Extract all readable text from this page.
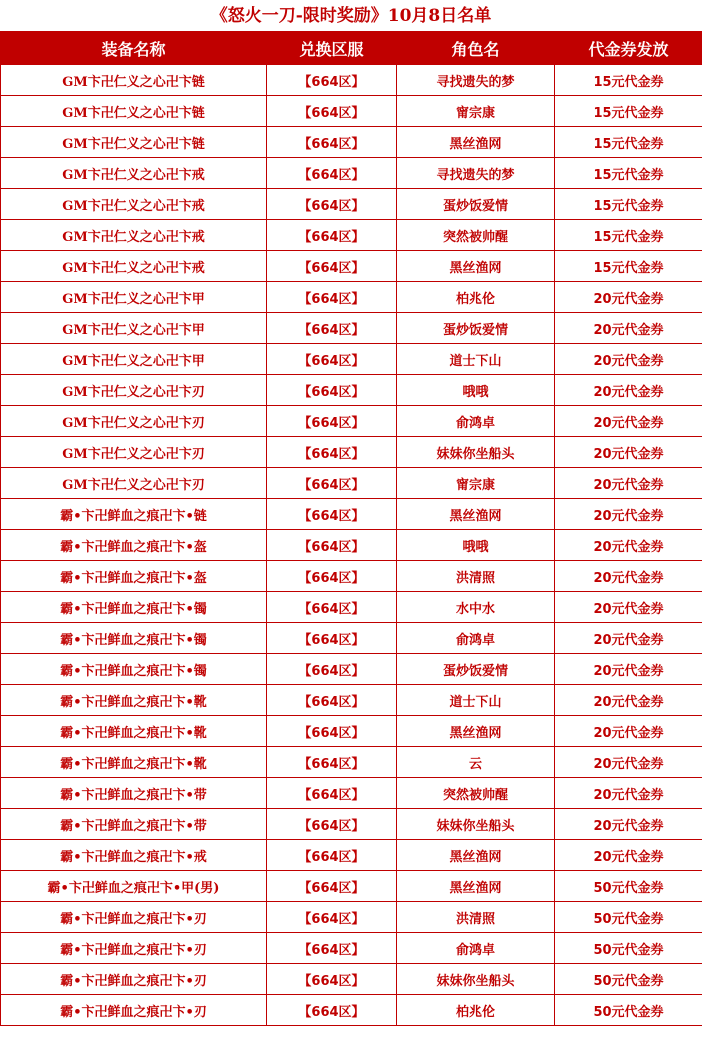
《怒火一刀-限时奖励》10月8日名单
装备名称	兑换区服	角色名	代金券发放
GM卞卍仁义之心卍卞链	【664区】	寻找遗失的梦	15元代金券
GM卞卍仁义之心卍卞链	【664区】	甯宗康	15元代金券
GM卞卍仁义之心卍卞链	【664区】	黑丝渔网	15元代金券
GM卞卍仁义之心卍卞戒	【664区】	寻找遗失的梦	15元代金券
GM卞卍仁义之心卍卞戒	【664区】	蛋炒饭爱情	15元代金券
GM卞卍仁义之心卍卞戒	【664区】	突然被帅醒	15元代金券
GM卞卍仁义之心卍卞戒	【664区】	黑丝渔网	15元代金券
GM卞卍仁义之心卍卞甲	【664区】	柏兆伦	20元代金券
GM卞卍仁义之心卍卞甲	【664区】	蛋炒饭爱情	20元代金券
GM卞卍仁义之心卍卞甲	【664区】	道士下山	20元代金券
GM卞卍仁义之心卍卞刃	【664区】	哦哦	20元代金券
GM卞卍仁义之心卍卞刃	【664区】	俞鸿卓	20元代金券
GM卞卍仁义之心卍卞刃	【664区】	妹妹你坐船头	20元代金券
GM卞卍仁义之心卍卞刃	【664区】	甯宗康	20元代金券
霸•卞卍鲜血之痕卍卞•链	【664区】	黑丝渔网	20元代金券
霸•卞卍鲜血之痕卍卞•盔	【664区】	哦哦	20元代金券
霸•卞卍鲜血之痕卍卞•盔	【664区】	洪清照	20元代金券
霸•卞卍鲜血之痕卍卞•镯	【664区】	水中水	20元代金券
霸•卞卍鲜血之痕卍卞•镯	【664区】	俞鸿卓	20元代金券
霸•卞卍鲜血之痕卍卞•镯	【664区】	蛋炒饭爱情	20元代金券
霸•卞卍鲜血之痕卍卞•靴	【664区】	道士下山	20元代金券
霸•卞卍鲜血之痕卍卞•靴	【664区】	黑丝渔网	20元代金券
霸•卞卍鲜血之痕卍卞•靴	【664区】	云	20元代金券
霸•卞卍鲜血之痕卍卞•带	【664区】	突然被帅醒	20元代金券
霸•卞卍鲜血之痕卍卞•带	【664区】	妹妹你坐船头	20元代金券
霸•卞卍鲜血之痕卍卞•戒	【664区】	黑丝渔网	20元代金券
霸•卞卍鲜血之痕卍卞•甲(男)	【664区】	黑丝渔网	50元代金券
霸•卞卍鲜血之痕卍卞•刃	【664区】	洪清照	50元代金券
霸•卞卍鲜血之痕卍卞•刃	【664区】	俞鸿卓	50元代金券
霸•卞卍鲜血之痕卍卞•刃	【664区】	妹妹你坐船头	50元代金券
霸•卞卍鲜血之痕卍卞•刃	【664区】	柏兆伦	50元代金券
